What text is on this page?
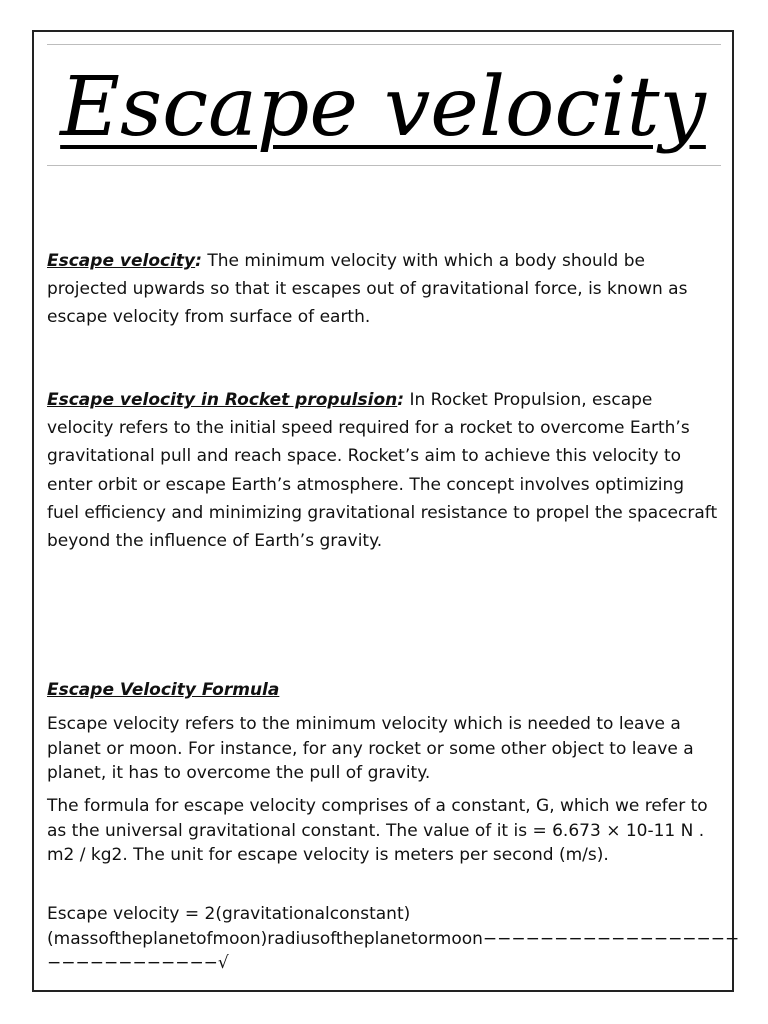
Escape velocity

Escape velocity: The minimum velocity with which a body should be projected upwards so that it escapes out of gravitational force, is known as escape velocity from surface of earth.

Escape velocity in Rocket propulsion: In Rocket Propulsion, escape velocity refers to the initial speed required for a rocket to overcome Earth’s gravitational pull and reach space. Rocket’s aim to achieve this velocity to enter orbit or escape Earth’s atmosphere. The concept involves optimizing fuel efficiency and minimizing gravitational resistance to propel the spacecraft beyond the influence of Earth’s gravity.

Escape Velocity Formula

Escape velocity refers to the minimum velocity which is needed to leave a planet or moon. For instance, for any rocket or some other object to leave a planet, it has to overcome the pull of gravity.

The formula for escape velocity comprises of a constant, G, which we refer to as the universal gravitational constant. The value of it is = 6.673 × 10-11 N . m2 / kg2. The unit for escape velocity is meters per second (m/s).

Escape velocity = 2(gravitationalconstant)
(massoftheplanetofmoon)radiusoftheplanetormoon−−−−−−−−−−−−−−−−−−
−−−−−−−−−−−−√
